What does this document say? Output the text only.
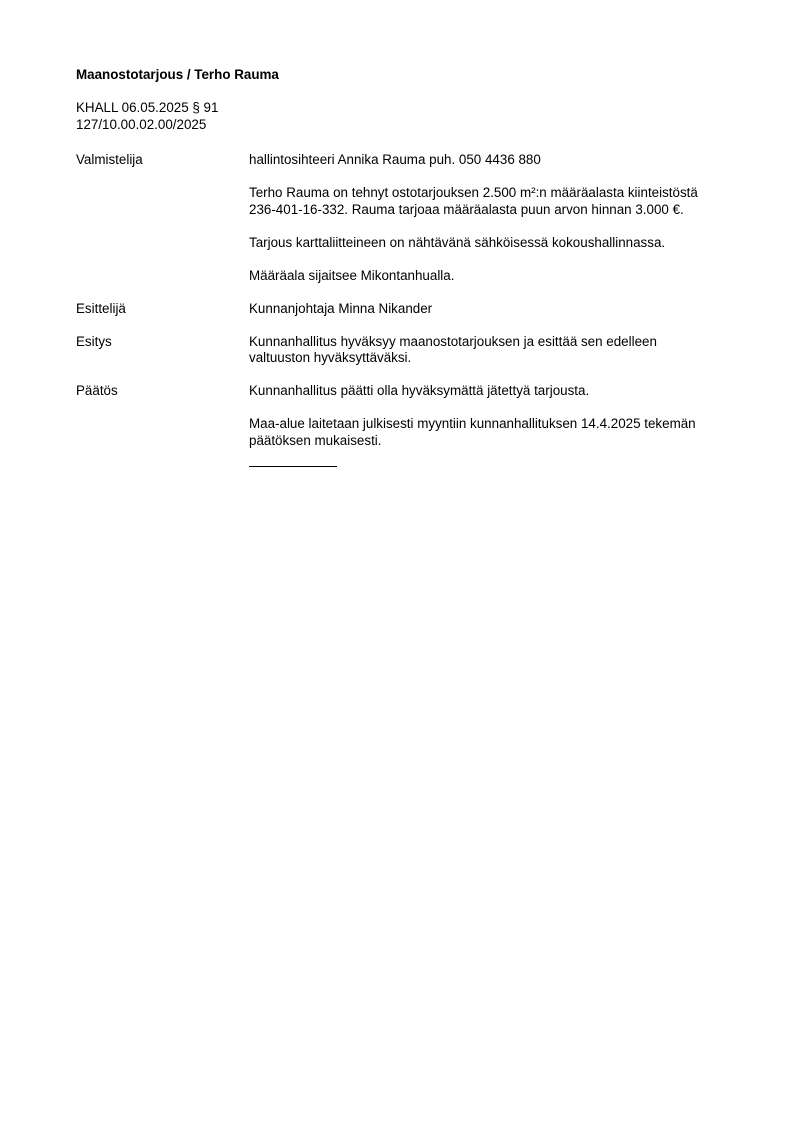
Maanostotarjous / Terho Rauma
KHALL 06.05.2025 § 91
127/10.00.02.00/2025
Valmistelija	hallintosihteeri Annika Rauma puh. 050 4436 880

Terho Rauma on tehnyt ostotarjouksen 2.500 m²:n määräalasta kiinteistöstä 236-401-16-332. Rauma tarjoaa määräalasta puun arvon hinnan 3.000 €.

Tarjous karttaliitteineen on nähtävänä sähköisessä kokoushallinnassa.

Määräala sijaitsee Mikontanhualla.

Esittelijä	Kunnanjohtaja Minna Nikander

Esitys	Kunnanhallitus hyväksyy maanostotarjouksen ja esittää sen edelleen valtuuston hyväksyttäväksi.

Päätös	Kunnanhallitus päätti olla hyväksymättä jätettyä tarjousta.

Maa-alue laitetaan julkisesti myyntiin kunnanhallituksen 14.4.2025 tekemän päätöksen mukaisesti.
